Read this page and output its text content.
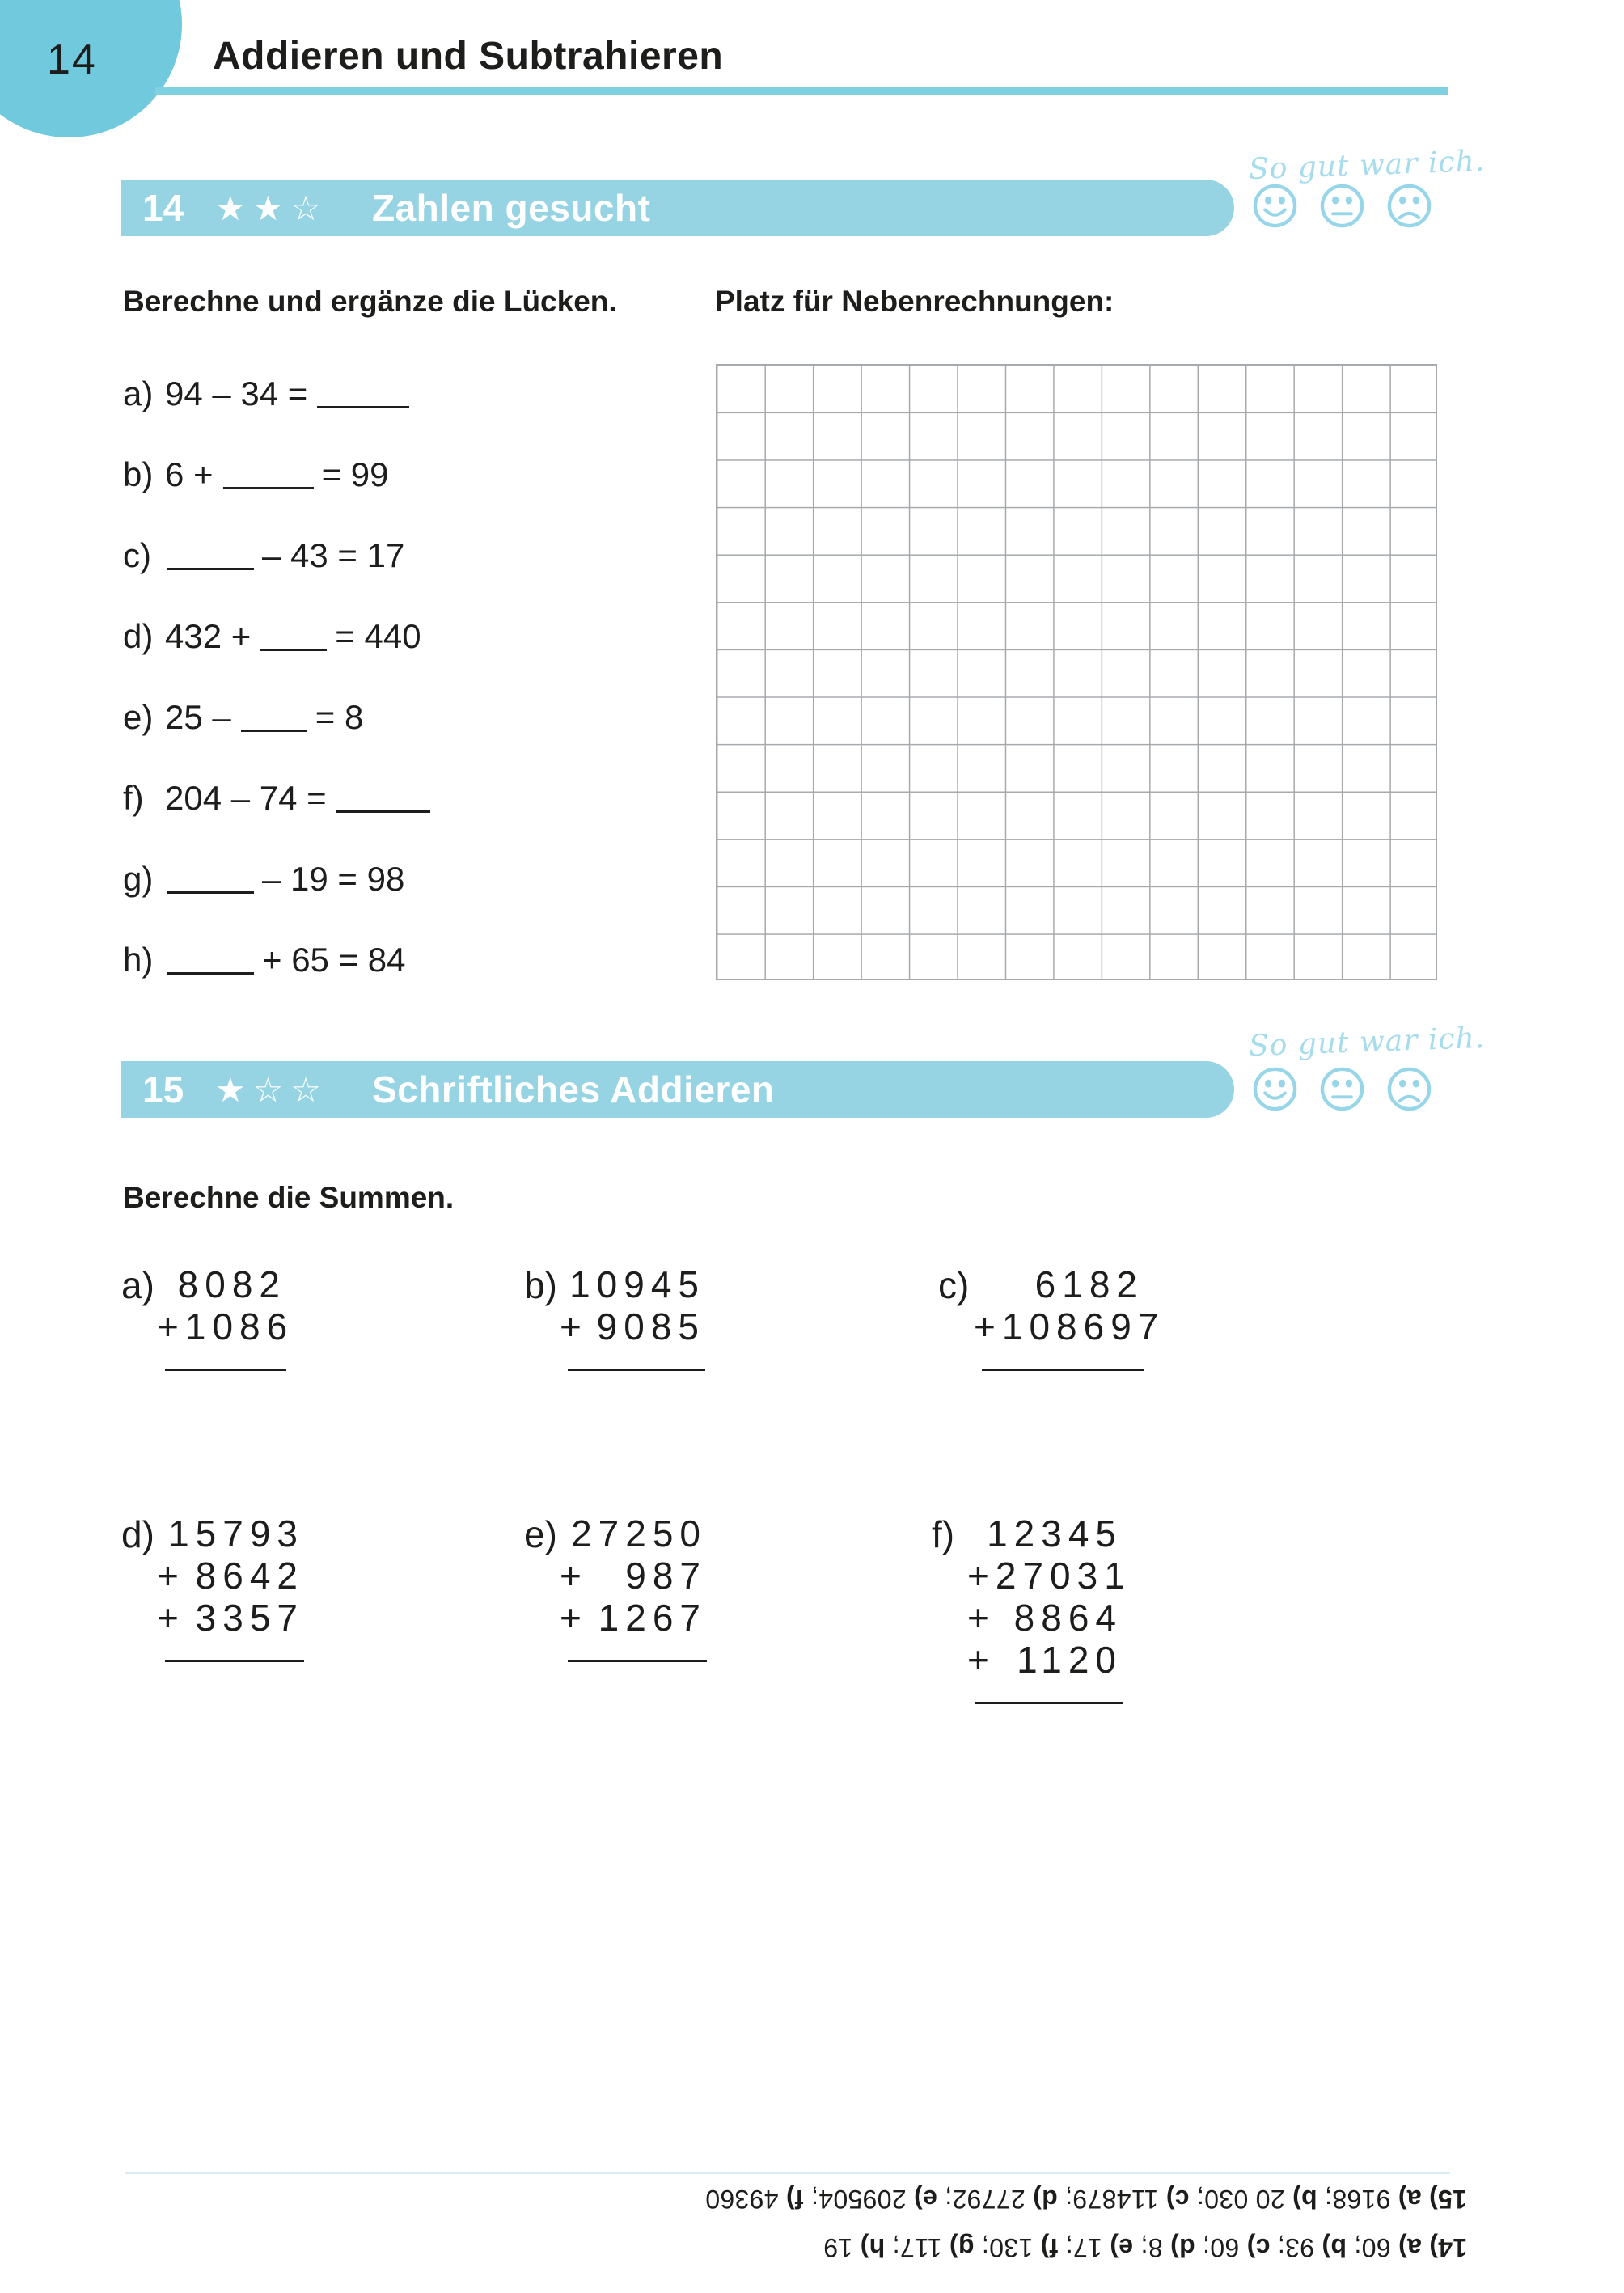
14	Addieren und Subtrahieren
So gut war ich.
14 ★★☆	Zahlen gesucht
Berechne und ergänze die Lücken.	Platz für Nebenrechnungen:
a) 94 – 34 =
b) 6 +	= 99
c)	– 43 = 17
d) 432 + = 440
e) 25 – = 8
f) 204 – 74 =
g)	– 19 = 98
h)	+ 65 = 84
So gut war ich.
15 ★☆☆	Schriftliches Addieren
Berechne die Summen.
a) 8082
+ 1086
b) 10945
+ 9085
c) 6182
+ 108697
d) 15793
+ 8642
+ 3357
e) 27250
+ 987
+ 1267
f) 12345
+ 27031
+ 8864
+ 1120
15) a) 9168; b) 20 030; c) 114879; d) 27792; e) 209504; f) 49360
14) a) 60; b) 93; c) 60; d) 8; e) 17; f) 130; g) 117; h) 19
